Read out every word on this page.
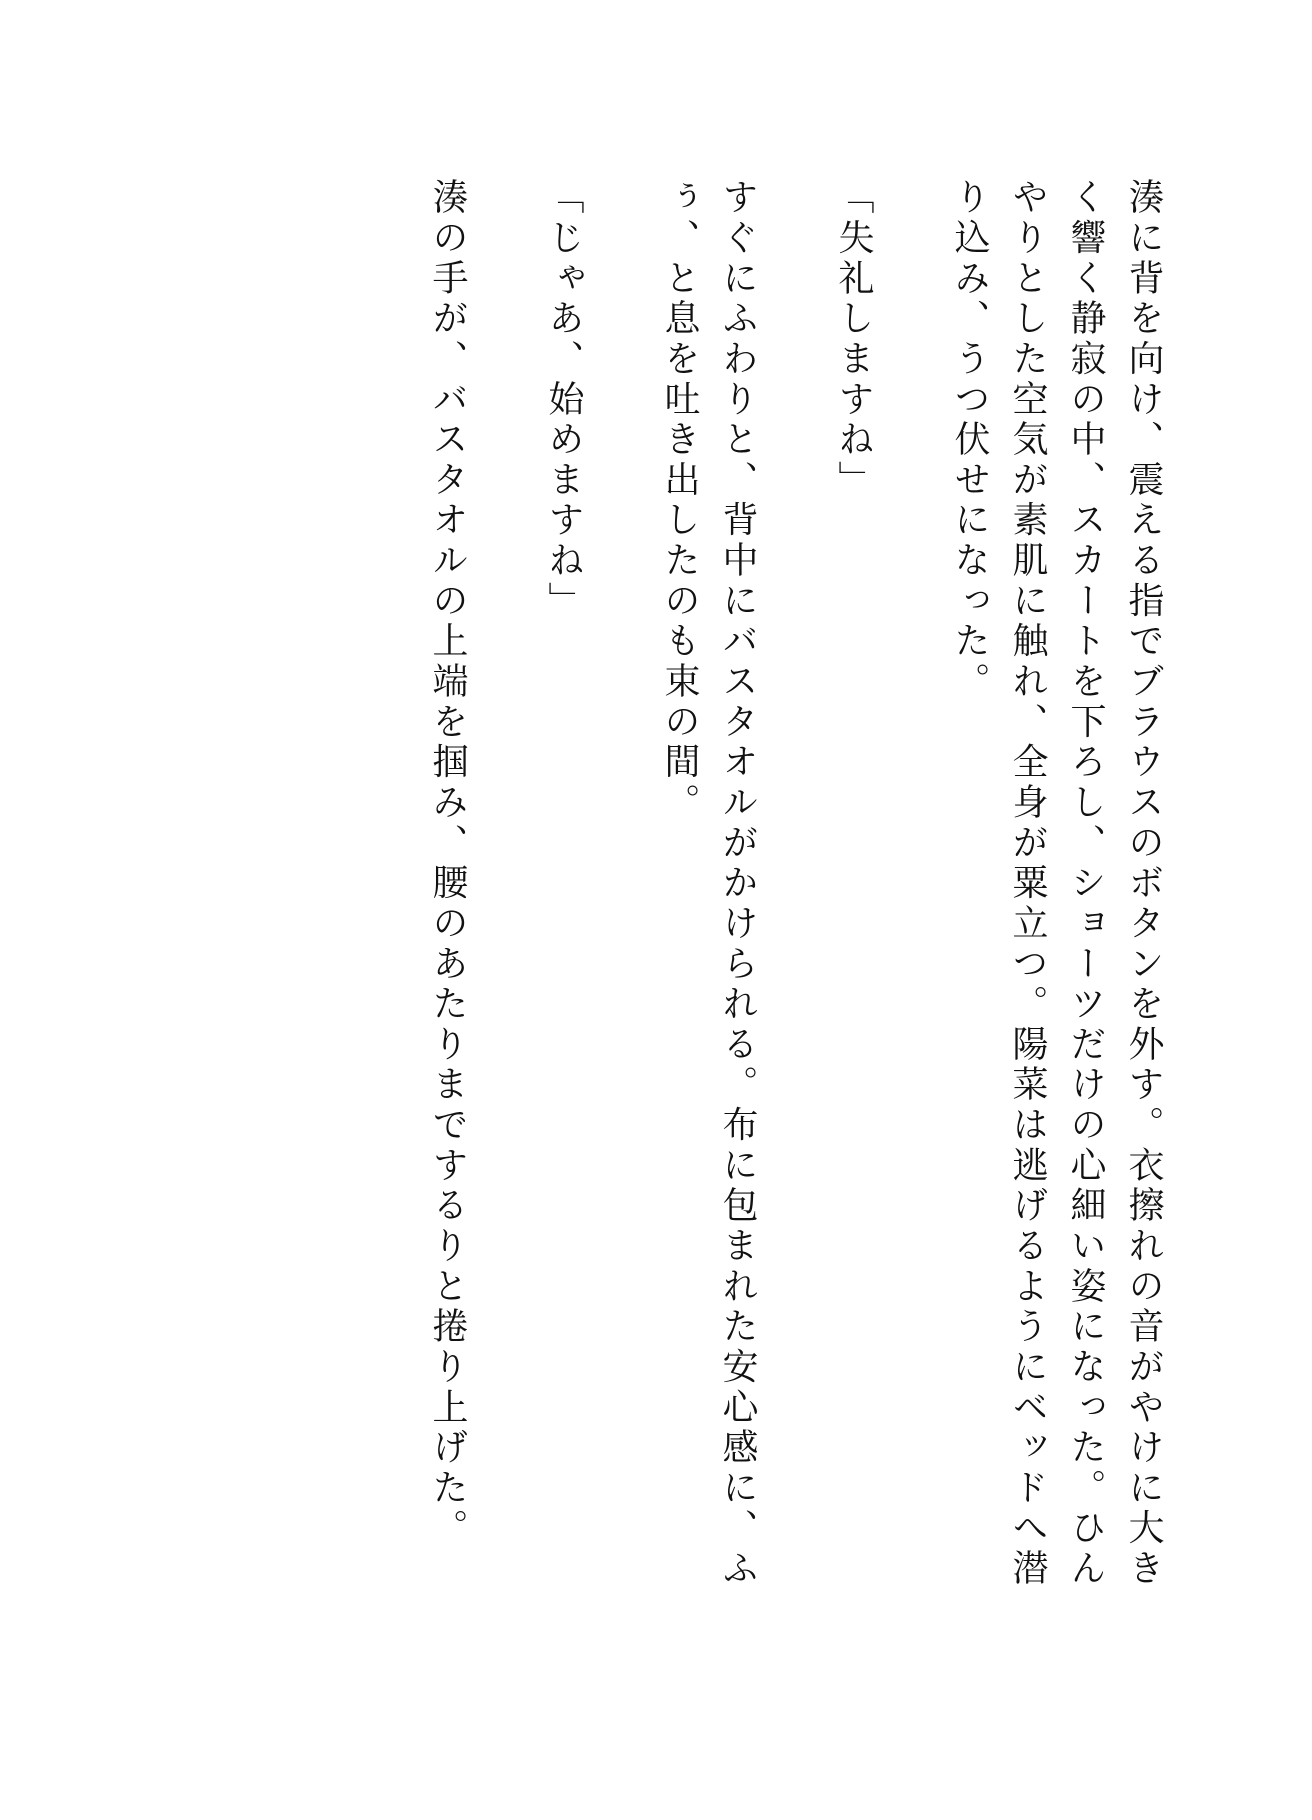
湊に背を向け、震える指でブラウスのボタンを外す。衣擦れの音がやけに大きく響く静寂の中、スカートを下ろし、ショーツだけの心細い姿になった。ひんやりとした空気が素肌に触れ、全身が粟立つ。陽菜は逃げるようにベッドへ潜り込み、うつ伏せになった。

「失礼しますね」

すぐにふわりと、背中にバスタオルがかけられる。布に包まれた安心感に、ふぅ、と息を吐き出したのも束の間。

「じゃあ、始めますね」

湊の手が、バスタオルの上端を掴み、腰のあたりまでするりと捲り上げた。
